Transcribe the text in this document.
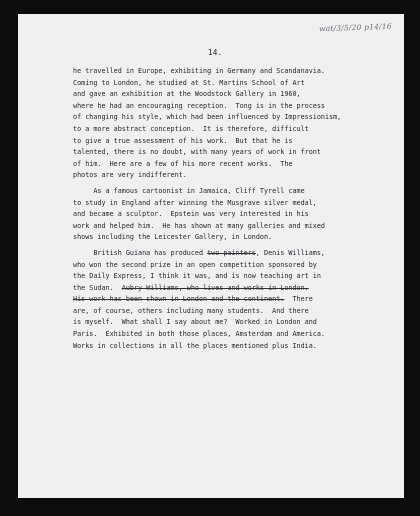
wat/3/5/20 p14/16
14.
he travelled in Europe, exhibiting in Germany and Scandanavia.
Coming to London, he studied at St. Martins School of Art
and gave an exhibition at the Woodstock Gallery in 1960,
where he had an encouraging reception.  Tong is in the process
of changing his style, which had been influenced by Impressionism,
to a more abstract conception.  It is therefore, difficult
to give a true assessment of his work.  But that he is
talented, there is no doubt, with many years of work in front
of him.  Here are a few of his more recent works.  The
photos are very indifferent.
As a famous cartoonist in Jamaica, Cliff Tyrell came
to study in England after winning the Musgrave silver medal,
and became a sculptor.  Epstein was very interested in his
work and helped him.  He has shown at many galleries and mixed
shows including the Leicester Gallery, in London.
British Guiana has produced two painters, Denis Williams,
who won the second prize in an open competition sponsored by
the Daily Express, I think it was, and is now teaching art in
the Sudan.  Aubry Williams, who lives and works in London.
His work has been shown in London and the continent.  There
are, of course, others including many students.  And there
is myself.  What shall I say about me?  Worked in London and
Paris.  Exhibited in both those places, Amsterdam and America.
Works in collections in all the places mentioned plus India.
